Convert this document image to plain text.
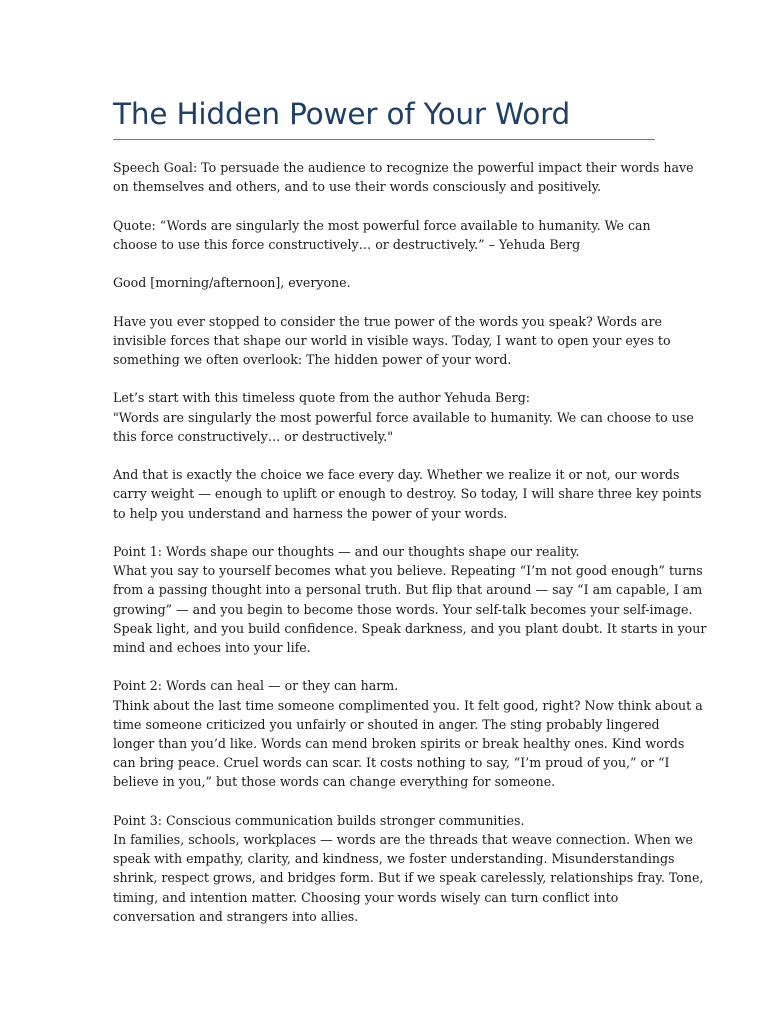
The Hidden Power of Your Word

Speech Goal: To persuade the audience to recognize the powerful impact their words have
on themselves and others, and to use their words consciously and positively.

Quote: “Words are singularly the most powerful force available to humanity. We can
choose to use this force constructively… or destructively.” – Yehuda Berg

Good [morning/afternoon], everyone.

Have you ever stopped to consider the true power of the words you speak? Words are
invisible forces that shape our world in visible ways. Today, I want to open your eyes to
something we often overlook: The hidden power of your word.

Let’s start with this timeless quote from the author Yehuda Berg:
"Words are singularly the most powerful force available to humanity. We can choose to use
this force constructively… or destructively."

And that is exactly the choice we face every day. Whether we realize it or not, our words
carry weight — enough to uplift or enough to destroy. So today, I will share three key points
to help you understand and harness the power of your words.

Point 1: Words shape our thoughts — and our thoughts shape our reality.
What you say to yourself becomes what you believe. Repeating “I’m not good enough” turns
from a passing thought into a personal truth. But flip that around — say “I am capable, I am
growing” — and you begin to become those words. Your self-talk becomes your self-image.
Speak light, and you build confidence. Speak darkness, and you plant doubt. It starts in your
mind and echoes into your life.

Point 2: Words can heal — or they can harm.
Think about the last time someone complimented you. It felt good, right? Now think about a
time someone criticized you unfairly or shouted in anger. The sting probably lingered
longer than you’d like. Words can mend broken spirits or break healthy ones. Kind words
can bring peace. Cruel words can scar. It costs nothing to say, “I’m proud of you,” or “I
believe in you,” but those words can change everything for someone.

Point 3: Conscious communication builds stronger communities.
In families, schools, workplaces — words are the threads that weave connection. When we
speak with empathy, clarity, and kindness, we foster understanding. Misunderstandings
shrink, respect grows, and bridges form. But if we speak carelessly, relationships fray. Tone,
timing, and intention matter. Choosing your words wisely can turn conflict into
conversation and strangers into allies.
